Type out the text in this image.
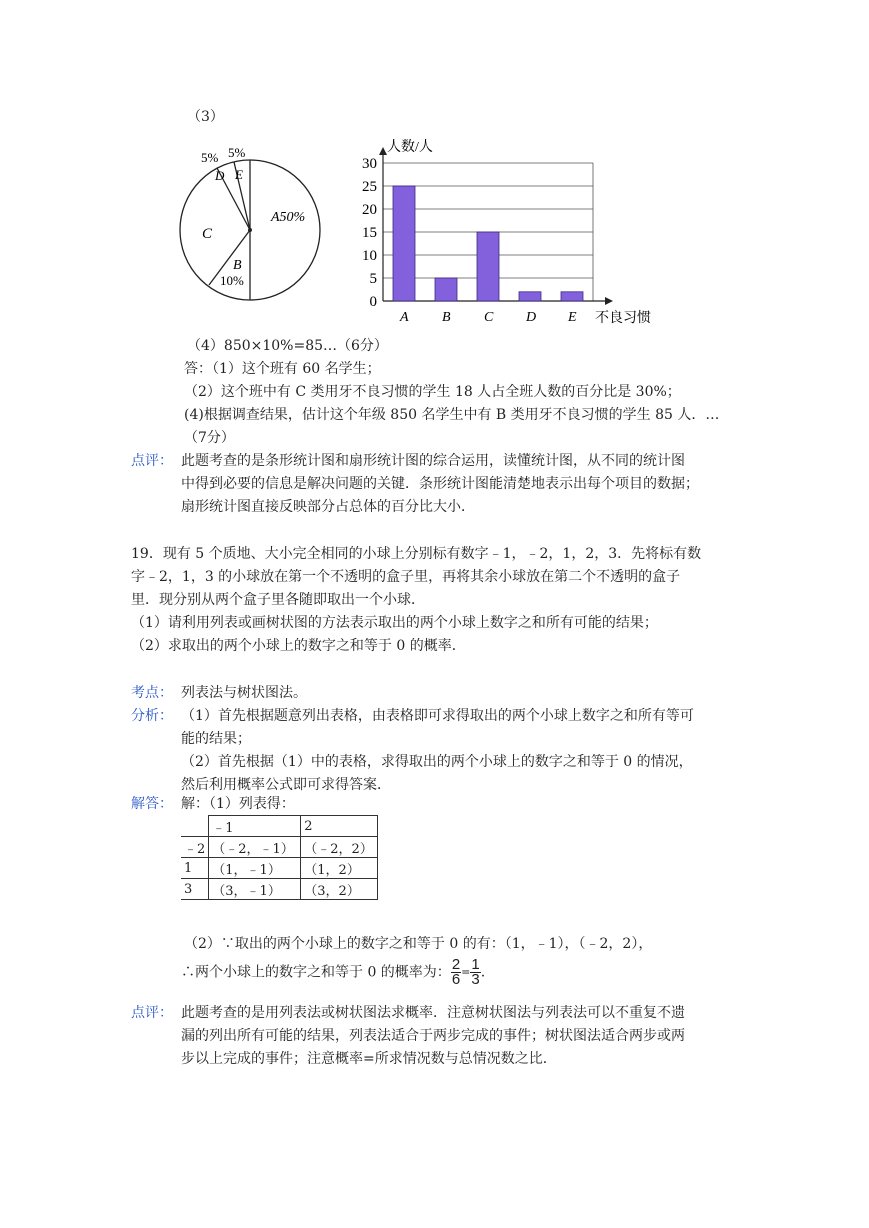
（3）
A50%
B
10%
C
D
5%
E
5%
0
5
10
15
20
25
30
A B C D E
人数/人
不良习惯
（4）850×10%=85…（6分）
答：（1）这个班有 60 名学生；
（2）这个班中有 C 类用牙不良习惯的学生 18 人占全班人数的百分比是 30%；
(4)根据调查结果，估计这个年级 850 名学生中有 B 类用牙不良习惯的学生 85 人．…
（7分）
点评： 此题考查的是条形统计图和扇形统计图的综合运用，读懂统计图，从不同的统计图
中得到必要的信息是解决问题的关键．条形统计图能清楚地表示出每个项目的数据；
扇形统计图直接反映部分占总体的百分比大小．
19．现有 5 个质地、大小完全相同的小球上分别标有数字﹣1，﹣2，1，2，3．先将标有数
字﹣2，1，3 的小球放在第一个不透明的盒子里，再将其余小球放在第二个不透明的盒子
里．现分别从两个盒子里各随即取出一个小球．
（1）请利用列表或画树状图的方法表示取出的两个小球上数字之和所有可能的结果；
（2）求取出的两个小球上的数字之和等于 0 的概率．
考点： 列表法与树状图法。
分析： （1）首先根据题意列出表格，由表格即可求得取出的两个小球上数字之和所有等可
能的结果；
（2）首先根据（1）中的表格，求得取出的两个小球上的数字之和等于 0 的情况，
然后利用概率公式即可求得答案．
解答： 解：（1）列表得：
	﹣1	2
﹣2	（﹣2，﹣1）	（﹣2，2）
1	（1，﹣1）	（1，2）
3	（3，﹣1）	（3，2）
（2）∵取出的两个小球上的数字之和等于 0 的有：（1，﹣1），（﹣2，2），
∴两个小球上的数字之和等于 0 的概率为： $\frac{2}{6} = \frac{1}{3}$ .
点评： 此题考查的是用列表法或树状图法求概率．注意树状图法与列表法可以不重复不遗
漏的列出所有可能的结果，列表法适合于两步完成的事件；树状图法适合两步或两
步以上完成的事件；注意概率=所求情况数与总情况数之比．
